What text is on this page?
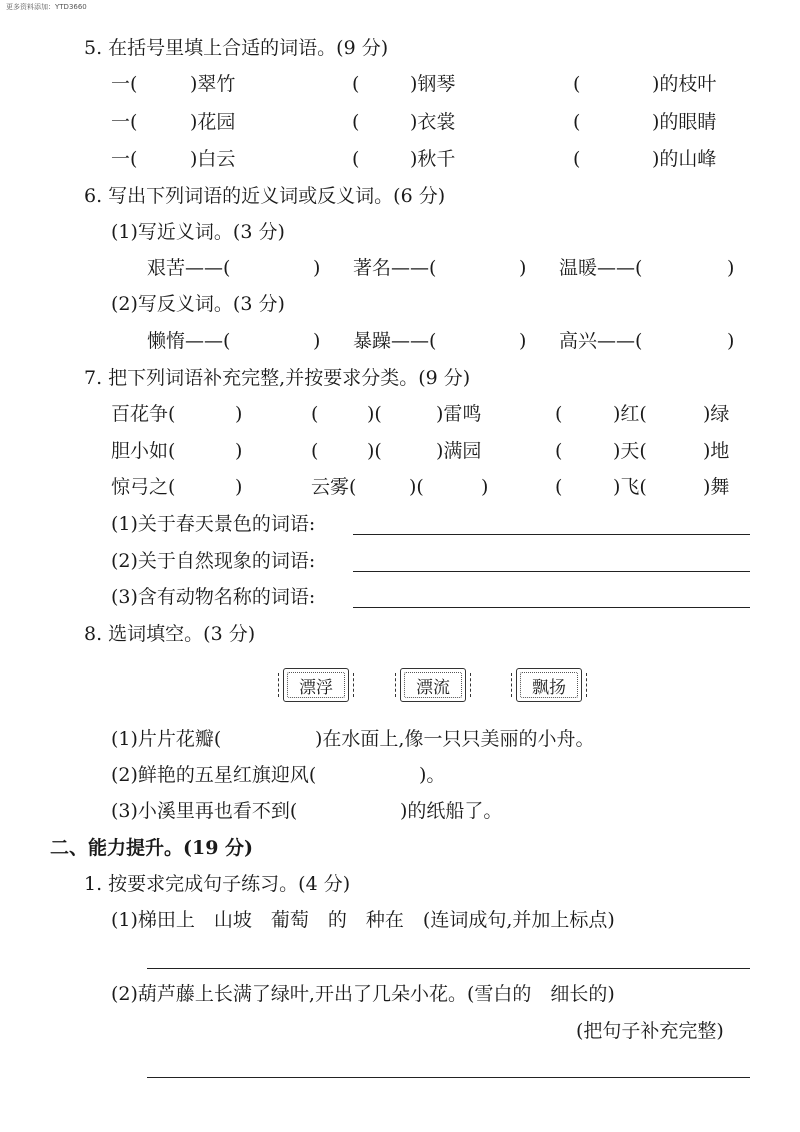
更多资料添加：YTD3660
5. 在括号里填上合适的词语。(9 分)
一(	)翠竹	(	)钢琴	(	)的枝叶
一(	)花园	(	)衣裳	(	)的眼睛
一(	)白云	(	)秋千	(	)的山峰
6. 写出下列词语的近义词或反义词。(6 分)
(1)写近义词。(3 分)
艰苦——(	) 著名——(	) 温暖——(	)
(2)写反义词。(3 分)
懒惰——(	) 暴躁——(	) 高兴——(	)
7. 把下列词语补充完整,并按要求分类。(9 分)
百花争(	)	(	)(	)雷鸣	(	)红(	)绿
胆小如(	)	(	)(	)满园	(	)天(	)地
惊弓之(	)	云雾(	)(	)	(	)飞(	)舞
(1)关于春天景色的词语:
(2)关于自然现象的词语:
(3)含有动物名称的词语:
8. 选词填空。(3 分)
漂浮	漂流	飘扬
(1)片片花瓣(	)在水面上,像一只只美丽的小舟。
(2)鲜艳的五星红旗迎风(	)。
(3)小溪里再也看不到(	)的纸船了。
二、能力提升。(19 分)
1. 按要求完成句子练习。(4 分)
(1)梯田上　山坡　葡萄　的　种在　(连词成句,并加上标点)
(2)葫芦藤上长满了绿叶,开出了几朵小花。(雪白的　细长的)
(把句子补充完整)
